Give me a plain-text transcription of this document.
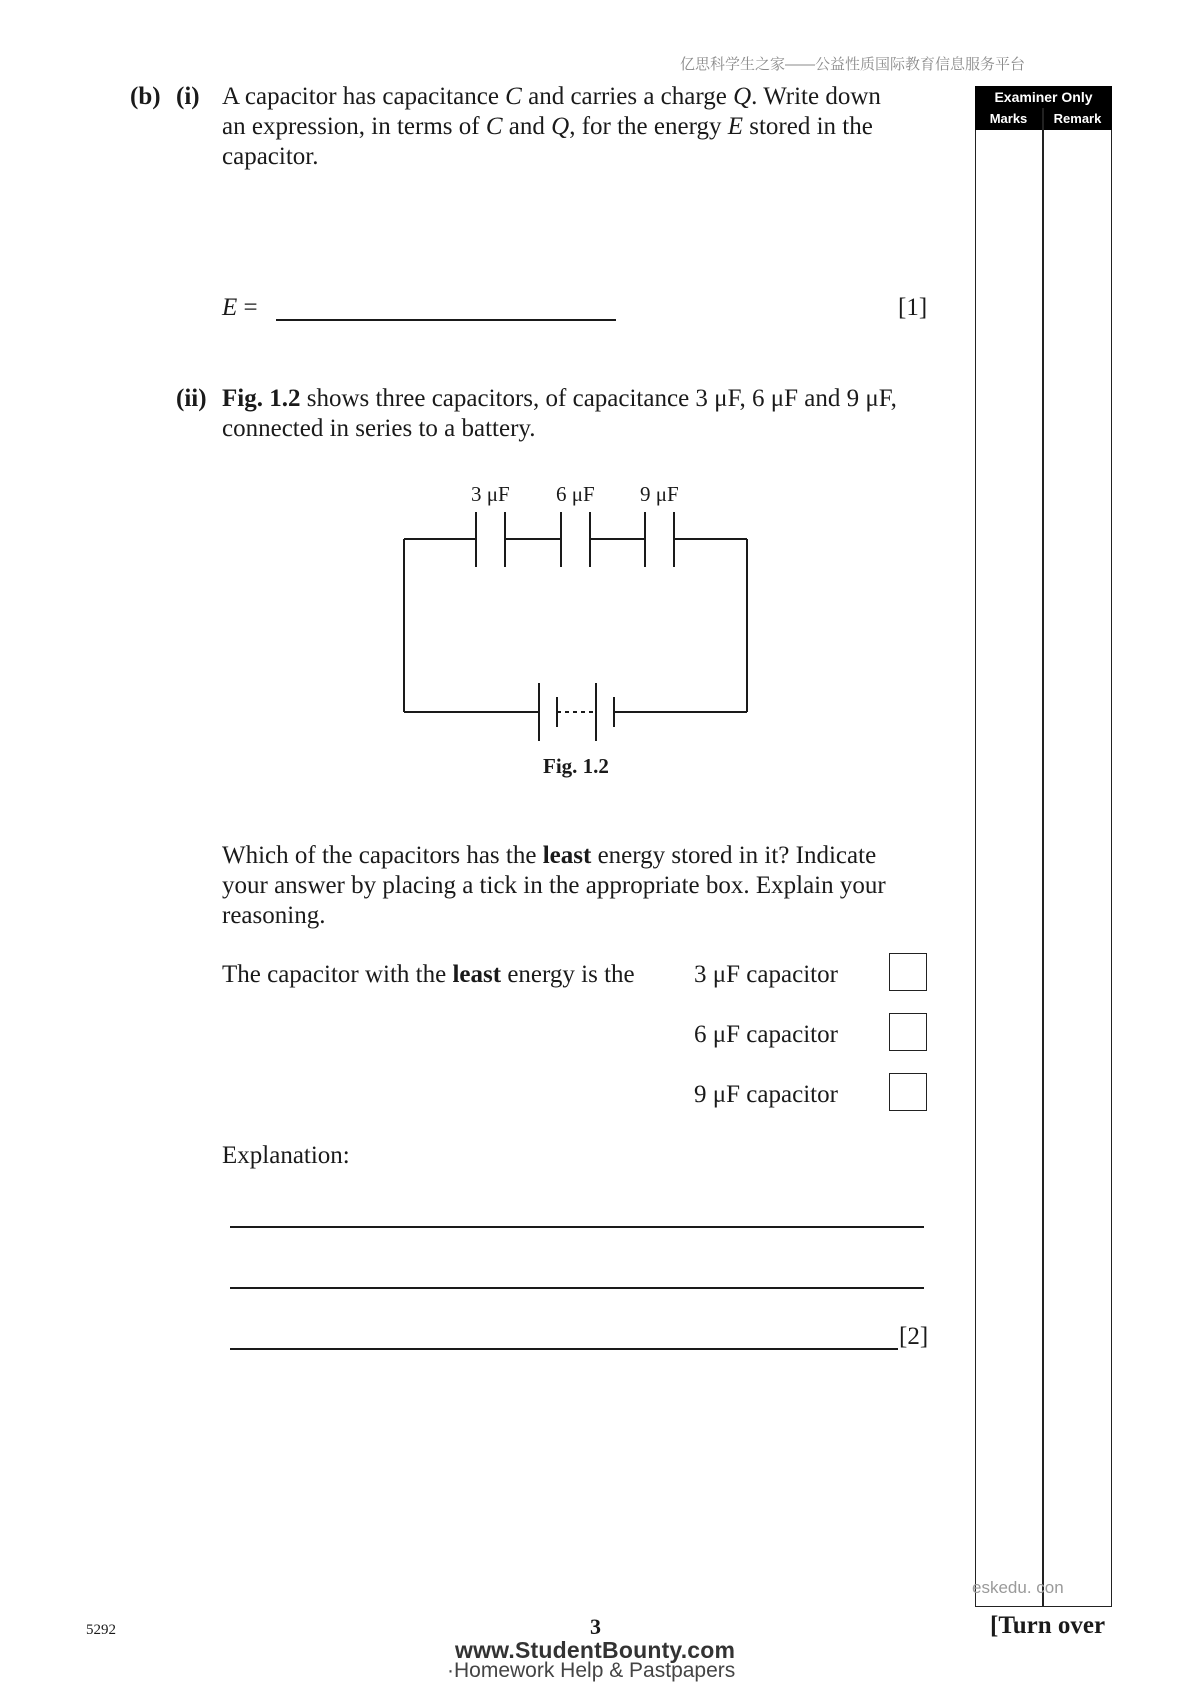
亿思科学生之家——公益性质国际教育信息服务平台
Examiner Only
Marks	Remark
(b) (i) A capacitor has capacitance C and carries a charge Q. Write down
an expression, in terms of C and Q, for the energy E stored in the
capacitor.
E =	[1]
(ii) Fig. 1.2 shows three capacitors, of capacitance 3 μF, 6 μF and 9 μF,
connected in series to a battery.
3 μF 6 μF 9 μF
Fig. 1.2
Which of the capacitors has the least energy stored in it? Indicate
your answer by placing a tick in the appropriate box. Explain your
reasoning.
The capacitor with the least energy is the 3 μF capacitor
6 μF capacitor
9 μF capacitor
Explanation:
[2]
eskedu. con
5292	3	[Turn over
www.StudentBounty.com
·Homework Help & Pastpapers
